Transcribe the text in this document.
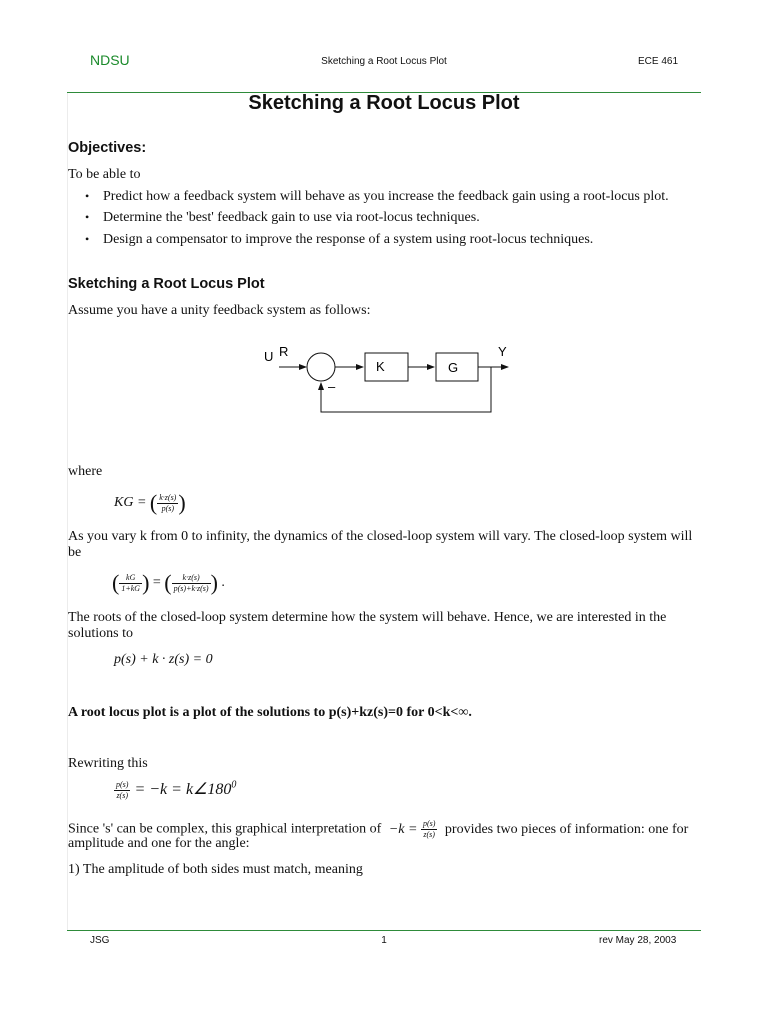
NDSU	Sketching a Root Locus Plot	ECE 461
Sketching a Root Locus Plot
Objectives:
To be able to
• Predict how a feedback system will behave as you increase the feedback gain using a root-locus plot.
• Determine the 'best' feedback gain to use via root-locus techniques.
• Design a compensator to improve the response of a system using root-locus techniques.
Sketching a Root Locus Plot
Assume you have a unity feedback system as follows:
U R	Y
K	G
–
where
KG = ( $\frac{k\cdot z(s)}{p(s)}$ )
As you vary k from 0 to infinity, the dynamics of the closed-loop system will vary. The closed-loop system will be
( $\frac{kG}{1+kG}$ ) = ( $\frac{k\cdot z(s)}{p(s)+k\cdot z(s)}$ ) .
The roots of the closed-loop system determine how the system will behave. Hence, we are interested in the solutions to
p(s) + k · z(s) = 0
A root locus plot is a plot of the solutions to p(s)+kz(s)=0 for 0<k<∞.
Rewriting this
$\frac{p(s)}{z(s)} = -k$ = $k\angle 180^0$
Since 's' can be complex, this graphical interpretation of $-k = \frac{p(s)}{z(s)}$ provides two pieces of information: one for
amplitude and one for the angle:
1) The amplitude of both sides must match, meaning
JSG	1	rev May 28, 2003
